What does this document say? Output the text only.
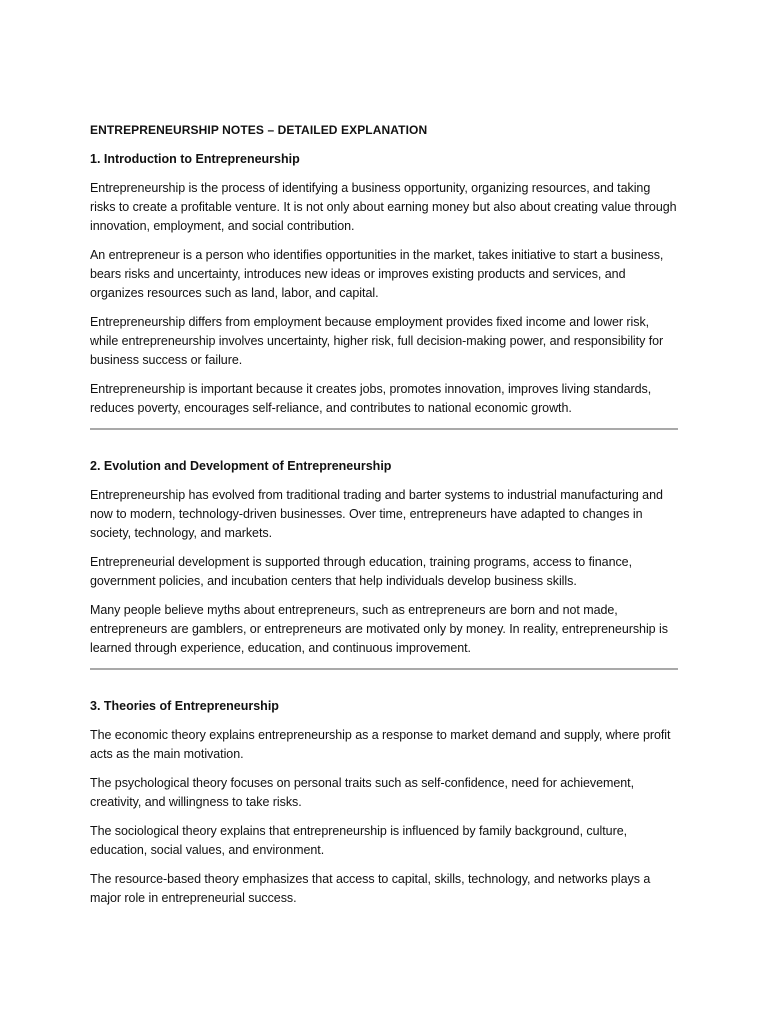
ENTREPRENEURSHIP NOTES – DETAILED EXPLANATION
1. Introduction to Entrepreneurship

Entrepreneurship is the process of identifying a business opportunity, organizing resources, and taking risks to create a profitable venture. It is not only about earning money but also about creating value through innovation, employment, and social contribution.

An entrepreneur is a person who identifies opportunities in the market, takes initiative to start a business, bears risks and uncertainty, introduces new ideas or improves existing products and services, and organizes resources such as land, labor, and capital.

Entrepreneurship differs from employment because employment provides fixed income and lower risk, while entrepreneurship involves uncertainty, higher risk, full decision-making power, and responsibility for business success or failure.

Entrepreneurship is important because it creates jobs, promotes innovation, improves living standards, reduces poverty, encourages self-reliance, and contributes to national economic growth.

2. Evolution and Development of Entrepreneurship

Entrepreneurship has evolved from traditional trading and barter systems to industrial manufacturing and now to modern, technology-driven businesses. Over time, entrepreneurs have adapted to changes in society, technology, and markets.

Entrepreneurial development is supported through education, training programs, access to finance, government policies, and incubation centers that help individuals develop business skills.

Many people believe myths about entrepreneurs, such as entrepreneurs are born and not made, entrepreneurs are gamblers, or entrepreneurs are motivated only by money. In reality, entrepreneurship is learned through experience, education, and continuous improvement.

3. Theories of Entrepreneurship

The economic theory explains entrepreneurship as a response to market demand and supply, where profit acts as the main motivation.

The psychological theory focuses on personal traits such as self-confidence, need for achievement, creativity, and willingness to take risks.

The sociological theory explains that entrepreneurship is influenced by family background, culture, education, social values, and environment.

The resource-based theory emphasizes that access to capital, skills, technology, and networks plays a major role in entrepreneurial success.
